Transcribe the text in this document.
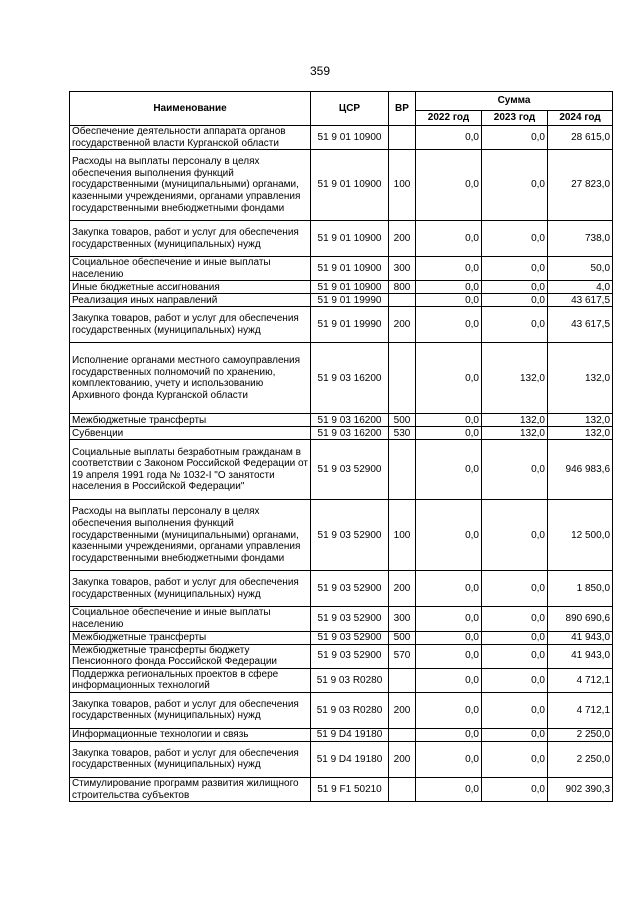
359
Наименование	ЦСР	ВР	Сумма		
			2022 год	2023 год	2024 год
Обеспечение деятельности аппарата органов государственной власти Курганской области	51 9 01 10900		0,0	0,0	28 615,0
Расходы на выплаты персоналу в целях обеспечения выполнения функций государственными (муниципальными) органами, казенными учреждениями, органами управления государственными внебюджетными фондами	51 9 01 10900	100	0,0	0,0	27 823,0
Закупка товаров, работ и услуг для обеспечения государственных (муниципальных) нужд	51 9 01 10900	200	0,0	0,0	738,0
Социальное обеспечение и иные выплаты населению	51 9 01 10900	300	0,0	0,0	50,0
Иные бюджетные ассигнования	51 9 01 10900	800	0,0	0,0	4,0
Реализация иных направлений	51 9 01 19990		0,0	0,0	43 617,5
Закупка товаров, работ и услуг для обеспечения государственных (муниципальных) нужд	51 9 01 19990	200	0,0	0,0	43 617,5
Исполнение органами местного самоуправления государственных полномочий по хранению, комплектованию, учету и использованию Архивного фонда Курганской области	51 9 03 16200		0,0	132,0	132,0
Межбюджетные трансферты	51 9 03 16200	500	0,0	132,0	132,0
Субвенции	51 9 03 16200	530	0,0	132,0	132,0
Социальные выплаты безработным гражданам в соответствии с Законом Российской Федерации от 19 апреля 1991 года № 1032-I "О занятости населения в Российской Федерации"	51 9 03 52900		0,0	0,0	946 983,6
Расходы на выплаты персоналу в целях обеспечения выполнения функций государственными (муниципальными) органами, казенными учреждениями, органами управления государственными внебюджетными фондами	51 9 03 52900	100	0,0	0,0	12 500,0
Закупка товаров, работ и услуг для обеспечения государственных (муниципальных) нужд	51 9 03 52900	200	0,0	0,0	1 850,0
Социальное обеспечение и иные выплаты населению	51 9 03 52900	300	0,0	0,0	890 690,6
Межбюджетные трансферты	51 9 03 52900	500	0,0	0,0	41 943,0
Межбюджетные трансферты бюджету Пенсионного фонда Российской Федерации	51 9 03 52900	570	0,0	0,0	41 943,0
Поддержка региональных проектов в сфере информационных технологий	51 9 03 R0280		0,0	0,0	4 712,1
Закупка товаров, работ и услуг для обеспечения государственных (муниципальных) нужд	51 9 03 R0280	200	0,0	0,0	4 712,1
Информационные технологии и связь	51 9 D4 19180		0,0	0,0	2 250,0
Закупка товаров, работ и услуг для обеспечения государственных (муниципальных) нужд	51 9 D4 19180	200	0,0	0,0	2 250,0
Стимулирование программ развития жилищного строительства субъектов	51 9 F1 50210		0,0	0,0	902 390,3
